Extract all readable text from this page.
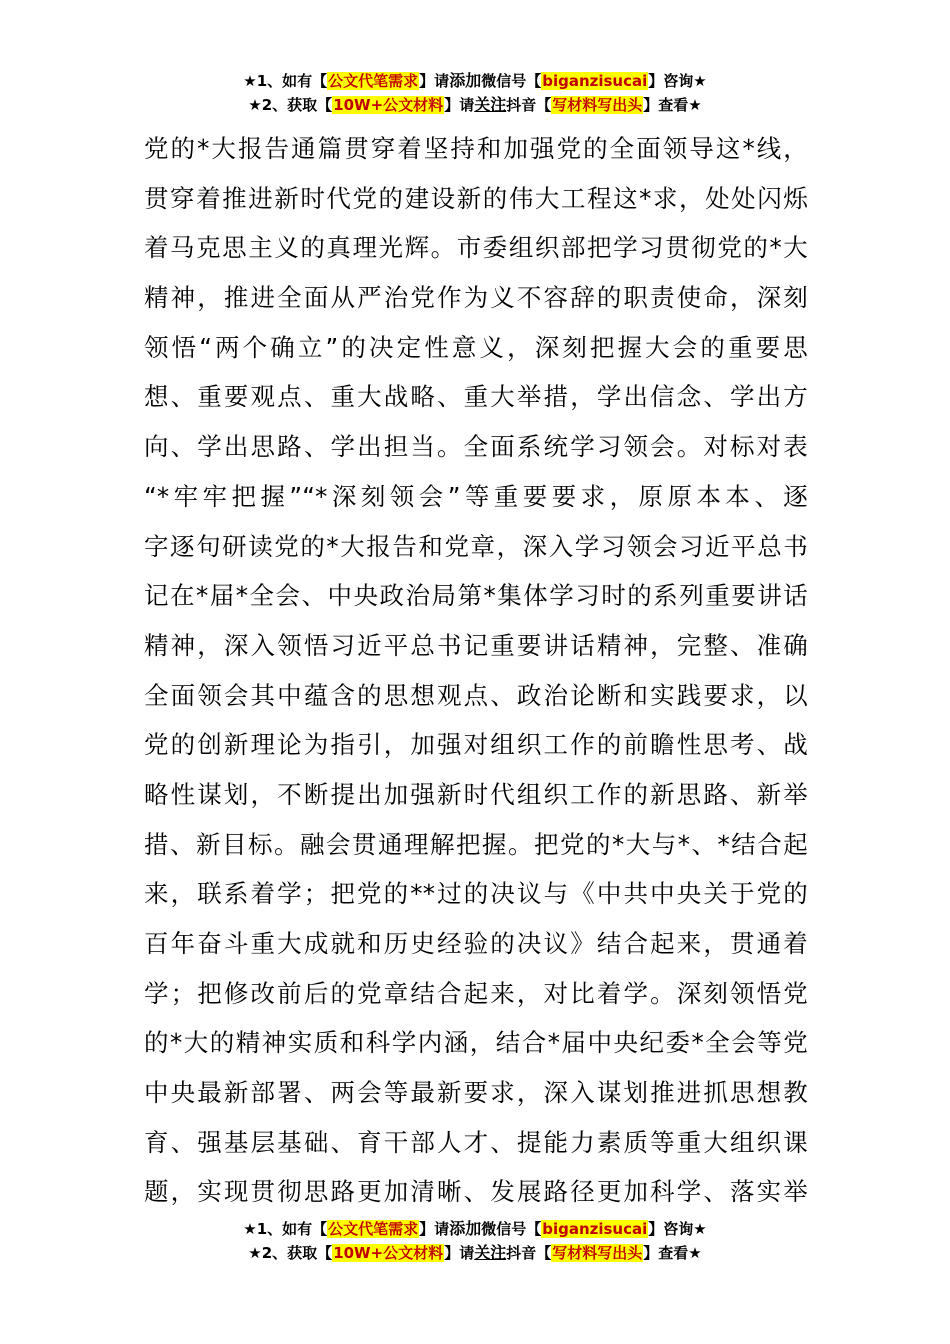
★1、如有【公文代笔需求】请添加微信号【biganzisucai】咨询★
★2、获取【10W+公文材料】请关注抖音【写材料写出头】查看★
党的*大报告通篇贯穿着坚持和加强党的全面领导这*线，
贯穿着推进新时代党的建设新的伟大工程这*求，处处闪烁
着马克思主义的真理光辉。市委组织部把学习贯彻党的*大
精神，推进全面从严治党作为义不容辞的职责使命，深刻
领悟“两个确立”的决定性意义，深刻把握大会的重要思
想、重要观点、重大战略、重大举措，学出信念、学出方
向、学出思路、学出担当。全面系统学习领会。对标对表
“*牢牢把握”“*深刻领会”等重要要求，原原本本、逐
字逐句研读党的*大报告和党章，深入学习领会习近平总书
记在*届*全会、中央政治局第*集体学习时的系列重要讲话
精神，深入领悟习近平总书记重要讲话精神，完整、准确
全面领会其中蕴含的思想观点、政治论断和实践要求，以
党的创新理论为指引，加强对组织工作的前瞻性思考、战
略性谋划，不断提出加强新时代组织工作的新思路、新举
措、新目标。融会贯通理解把握。把党的*大与*、*结合起
来，联系着学；把党的**过的决议与《中共中央关于党的
百年奋斗重大成就和历史经验的决议》结合起来，贯通着
学；把修改前后的党章结合起来，对比着学。深刻领悟党
的*大的精神实质和科学内涵，结合*届中央纪委*全会等党
中央最新部署、两会等最新要求，深入谋划推进抓思想教
育、强基层基础、育干部人才、提能力素质等重大组织课
题，实现贯彻思路更加清晰、发展路径更加科学、落实举
★1、如有【公文代笔需求】请添加微信号【biganzisucai】咨询★
★2、获取【10W+公文材料】请关注抖音【写材料写出头】查看★
